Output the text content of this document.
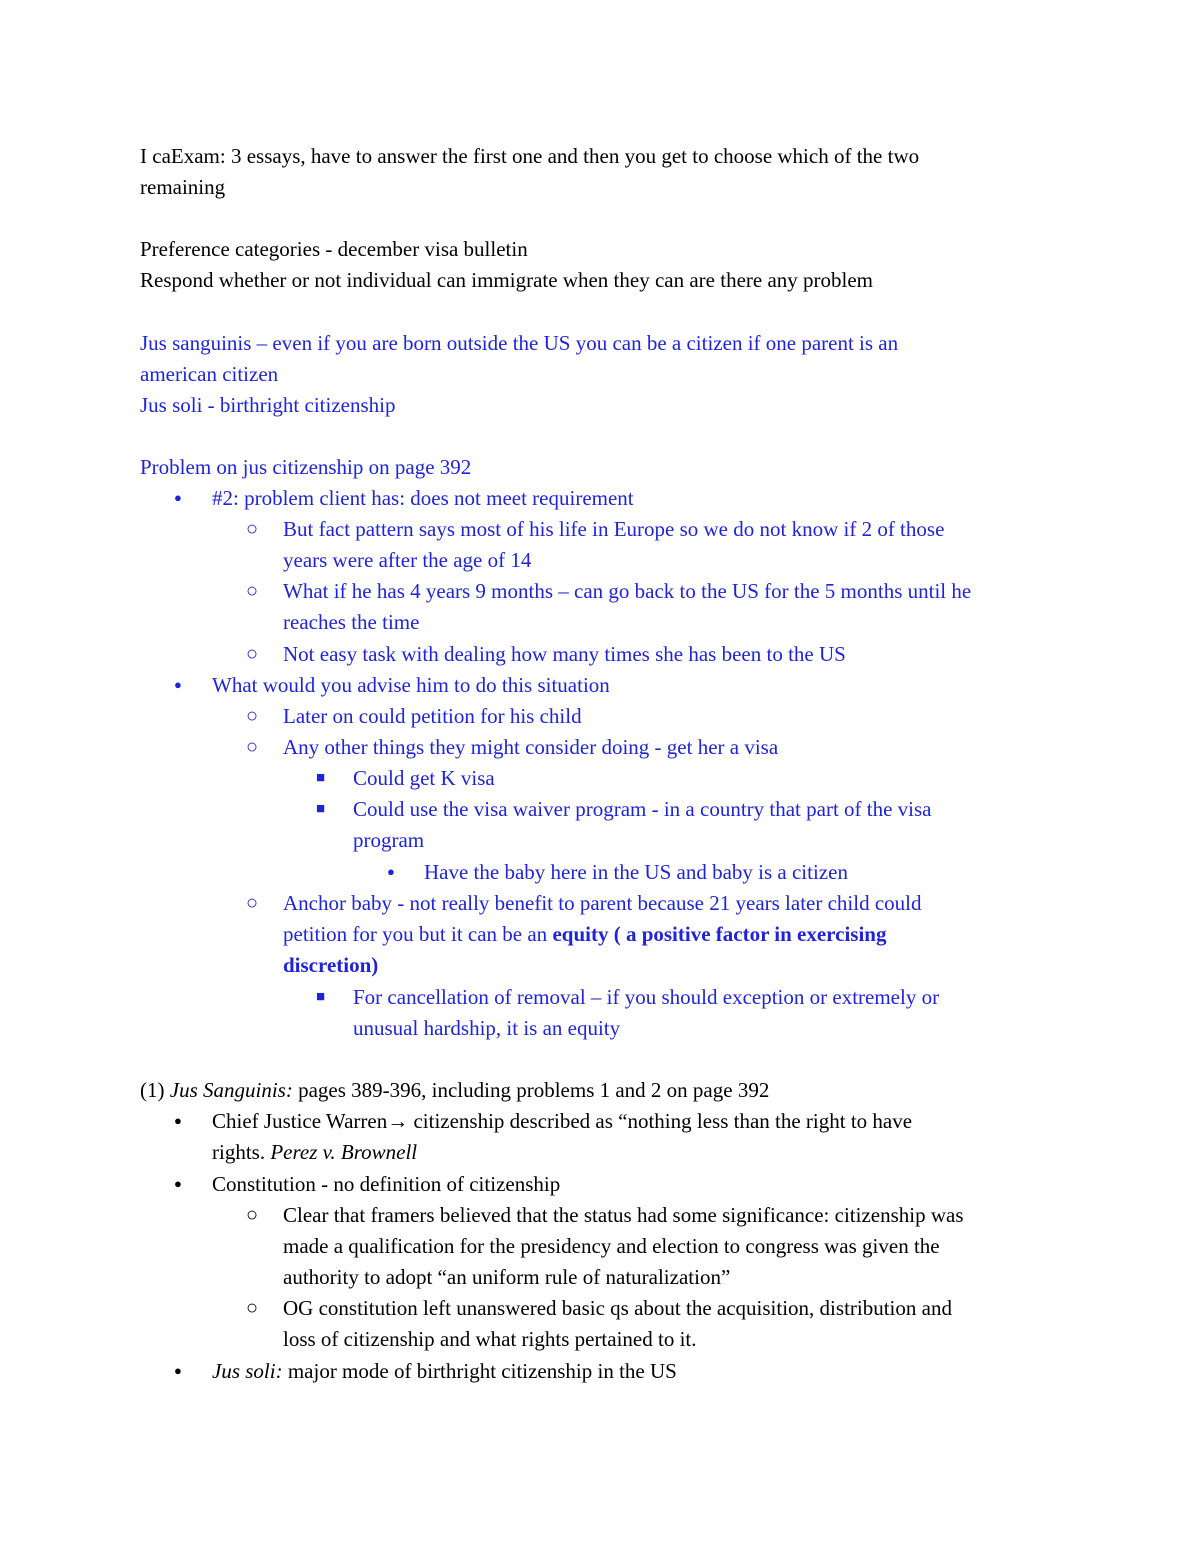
I caExam: 3 essays, have to answer the first one and then you get to choose which of the two
remaining
Preference categories - december visa bulletin
Respond whether or not individual can immigrate when they can are there any problem
Jus sanguinis – even if you are born outside the US you can be a citizen if one parent is an
american citizen
Jus soli - birthright citizenship
Problem on jus citizenship on page 392
● #2: problem client has: does not meet requirement
○ But fact pattern says most of his life in Europe so we do not know if 2 of those
years were after the age of 14
○ What if he has 4 years 9 months – can go back to the US for the 5 months until he
reaches the time
○ Not easy task with dealing how many times she has been to the US
● What would you advise him to do this situation
○ Later on could petition for his child
○ Any other things they might consider doing - get her a visa
■ Could get K visa
■ Could use the visa waiver program - in a country that part of the visa
program
● Have the baby here in the US and baby is a citizen
○ Anchor baby - not really benefit to parent because 21 years later child could
petition for you but it can be an equity ( a positive factor in exercising
discretion)
■ For cancellation of removal – if you should exception or extremely or
unusual hardship, it is an equity
(1) Jus Sanguinis: pages 389-396, including problems 1 and 2 on page 392
● Chief Justice Warren→ citizenship described as “nothing less than the right to have
rights. Perez v. Brownell
● Constitution - no definition of citizenship
○ Clear that framers believed that the status had some significance: citizenship was
made a qualification for the presidency and election to congress was given the
authority to adopt “an uniform rule of naturalization”
○ OG constitution left unanswered basic qs about the acquisition, distribution and
loss of citizenship and what rights pertained to it.
● Jus soli: major mode of birthright citizenship in the US
